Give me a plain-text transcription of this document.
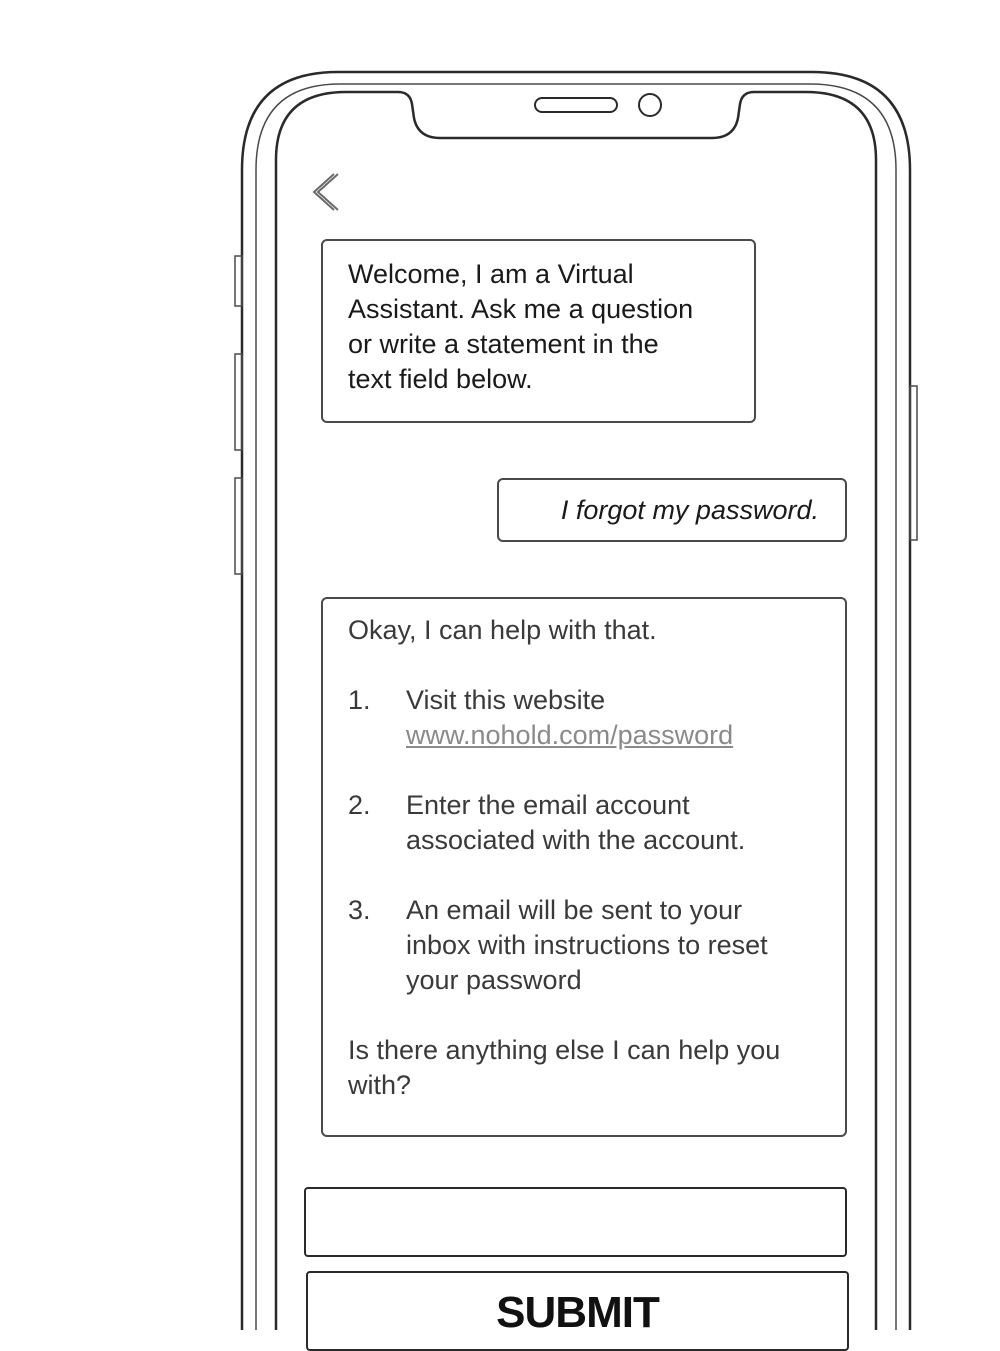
Welcome, I am a Virtual
Assistant. Ask me a question
or write a statement in the
text field below.
I forgot my password.
Okay, I can help with that.
1.	Visit this website
www.nohold.com/password
2.	Enter the email account
associated with the account.
3.	An email will be sent to your
inbox with instructions to reset
your password
Is there anything else I can help you
with?
SUBMIT
